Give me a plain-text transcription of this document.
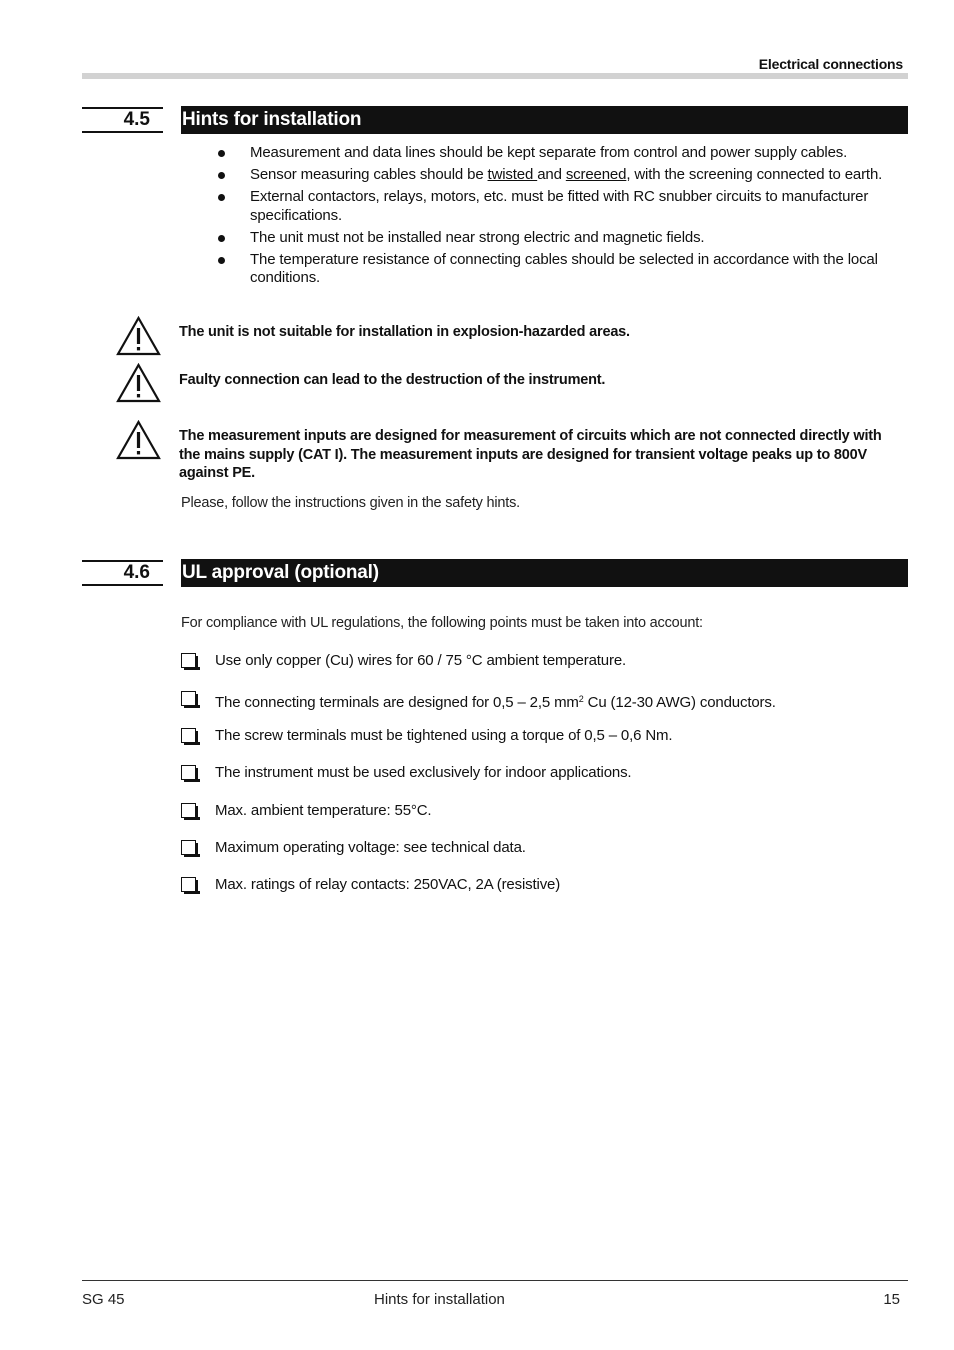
Electrical connections
4.5	Hints for installation
Measurement and data lines should be kept separate from control and power supply cables.
Sensor measuring cables should be twisted and screened, with the screening connected to earth.
External contactors, relays, motors, etc. must be fitted with RC snubber circuits to manufacturer specifications.
The unit must not be installed near strong electric and magnetic fields.
The temperature resistance of connecting cables should be selected in accordance with the local conditions.
The unit is not suitable for installation in explosion-hazarded areas.
Faulty connection can lead to the destruction of the instrument.
The measurement inputs are designed for measurement of circuits which are not connected directly with the mains supply (CAT I). The measurement inputs are designed for transient voltage peaks up to 800V against PE.
Please, follow the instructions given in the safety hints.
4.6	UL approval (optional)
For compliance with UL regulations, the following points must be taken into account:
Use only copper (Cu) wires for 60 / 75 °C ambient temperature.
The connecting terminals are designed for 0,5 – 2,5 $mm^2$ Cu (12-30 AWG) conductors.
The screw terminals must be tightened using a torque of 0,5 – 0,6 Nm.
The instrument must be used exclusively for indoor applications.
Max. ambient temperature: 55°C.
Maximum operating voltage: see technical data.
Max. ratings of relay contacts: 250VAC, 2A (resistive)
SG 45	Hints for installation	15
